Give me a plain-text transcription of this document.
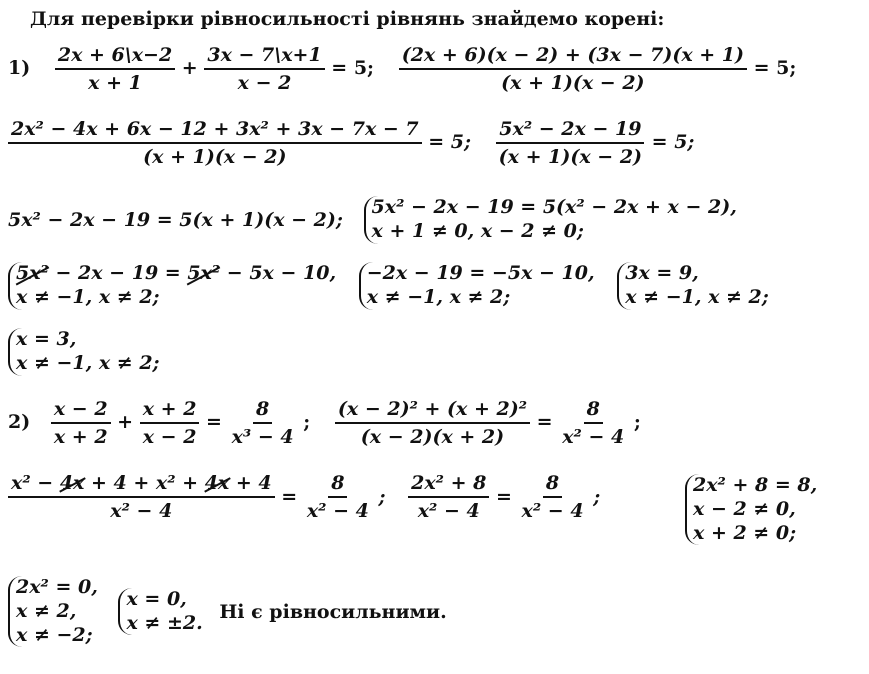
Для перевірки рівносильності рівнянь знайдемо корені:
$1) \frac{2x + 6\backslash x-2}{x + 1} + \frac{3x - 7\backslash x+1}{x - 2} = 5$; $\frac{(2x + 6)(x - 2) + (3x - 7)(x + 1)}{(x + 1)(x - 2)} = 5$;
$\frac{\text{2x² − 4x + 6x − 12 + 3x² + 3x − 7x − 7}}{(x + 1)(x - 2)} = 5$; $\frac{\text{5x² − 2x − 19}}{(x + 1)(x - 2)} = 5$;
5x² − 2x − 19 = 5(x + 1)(x − 2); 5x² − 2x − 19 = 5(x² − 2x + x − 2),
x + 1 ≠ 0, x − 2 ≠ 0;
5x² − 2x − 19 = 5x² − 5x − 10,
x ≠ −1, x ≠ 2; −2x − 19 = −5x − 10,
x ≠ −1, x ≠ 2; 3x = 9,
x ≠ −1, x ≠ 2;
x = 3,
x ≠ −1, x ≠ 2;
$2) \frac{x - 2}{x + 2} + \frac{x + 2}{x - 2} = \frac{8}{\text{x³ − 4}}$ ; $\frac{\text{(x − 2)² + (x + 2)²}}{(x - 2)(x + 2)} = \frac{8}{\text{x² − 4}}$ ;
$\frac{\text{x² − 4x + 4 + x² + 4x + 4}}{\text{x² − 4}} = \frac{8}{\text{x² − 4}}$ ; $\frac{\text{2x² + 8}}{\text{x² − 4}} = \frac{8}{\text{x² − 4}}$ ;
2x² + 8 = 8,
x − 2 ≠ 0,
x + 2 ≠ 0;
2x² = 0,
x ≠ 2,
x ≠ −2; x = 0,
x ≠ ±2. Ні є рівносильними.
